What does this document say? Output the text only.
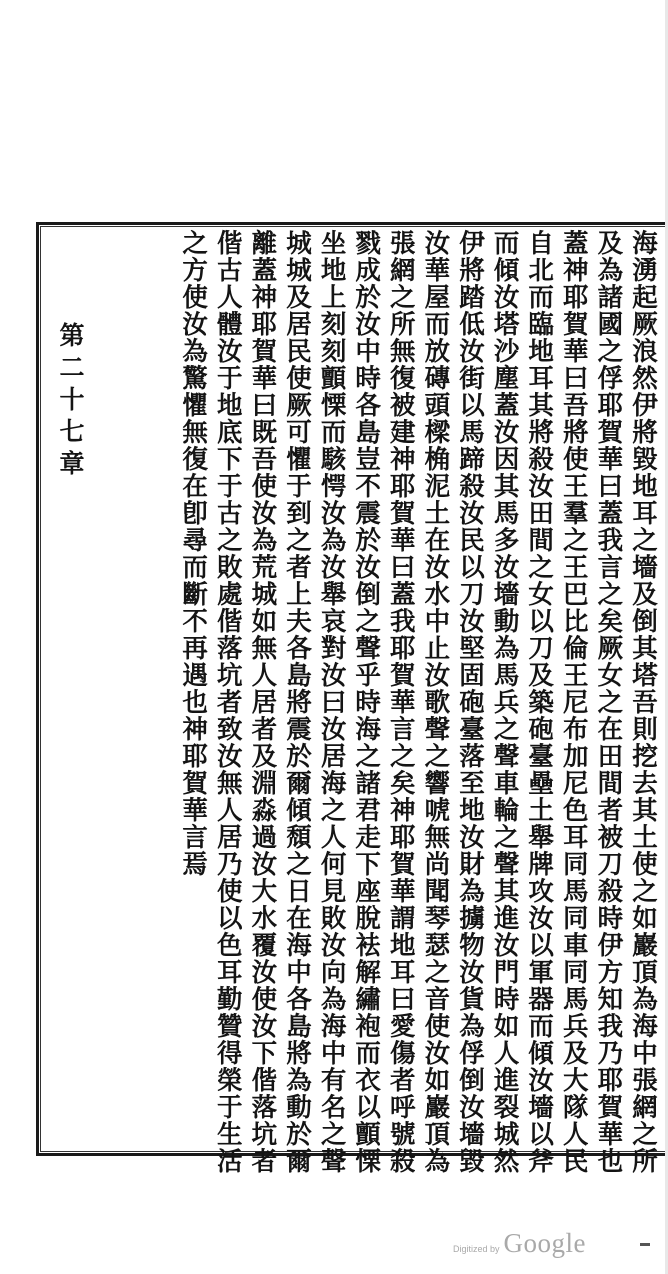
海
湧
起
厥
浪
然
伊
將
毀
地
耳
之
墻
及
倒
其
塔
吾
則
挖
去
其
土
使
之
如
巖
頂
為
海
中
張
網
之
所
及
為
諸
國
之
俘
耶
賀
華
曰
蓋
我
言
之
矣
厥
女
之
在
田
間
者
被
刀
殺
時
伊
方
知
我
乃
耶
賀
華
也
蓋
神
耶
賀
華
曰
吾
將
使
王
羣
之
王
巴
比
倫
王
尼
布
加
尼
色
耳
同
馬
同
車
同
馬
兵
及
大
隊
人
民
自
北
而
臨
地
耳
其
將
殺
汝
田
間
之
女
以
刀
及
築
砲
臺
壘
土
舉
牌
攻
汝
以
軍
器
而
傾
汝
墻
以
斧
而
傾
汝
塔
沙
塵
蓋
汝
因
其
馬
多
汝
墻
動
為
馬
兵
之
聲
車
輪
之
聲
其
進
汝
門
時
如
人
進
裂
城
然
伊
將
踏
低
汝
街
以
馬
蹄
殺
汝
民
以
刀
汝
堅
固
砲
臺
落
至
地
汝
財
為
擄
物
汝
貨
為
俘
倒
汝
墻
毀
汝
華
屋
而
放
磚
頭
樑
桷
泥
土
在
汝
水
中
止
汝
歌
聲
之
響
唬
無
尚
聞
琴
瑟
之
音
使
汝
如
巖
頂
為
張
網
之
所
無
復
被
建
神
耶
賀
華
曰
蓋
我
耶
賀
華
言
之
矣
神
耶
賀
華
謂
地
耳
曰
愛
傷
者
呼
號
殺
戮
成
於
汝
中
時
各
島
豈
不
震
於
汝
倒
之
聲
乎
時
海
之
諸
君
走
下
座
脫
袪
解
繡
袍
而
衣
以
顫
慄
坐
地
上
刻
刻
顫
慄
而
駭
愕
汝
為
汝
舉
哀
對
汝
曰
汝
居
海
之
人
何
見
敗
汝
向
為
海
中
有
名
之
聲
城
城
及
居
民
使
厥
可
懼
于
到
之
者
上
夫
各
島
將
震
於
爾
傾
頹
之
日
在
海
中
各
島
將
為
動
於
爾
離
蓋
神
耶
賀
華
曰
既
吾
使
汝
為
荒
城
如
無
人
居
者
及
淵
淼
過
汝
大
水
覆
汝
使
汝
下
偕
落
坑
者
偕
古
人
體
汝
于
地
底
下
于
古
之
敗
處
偕
落
坑
者
致
汝
無
人
居
乃
使
以
色
耳
勤
贊
得
榮
于
生
活
之
方
使
汝
為
驚
懼
無
復
在
卽
尋
而
斷
不
再
遇
也
神
耶
賀
華
言
焉
第
二
十
七
章
Digitized by Google
